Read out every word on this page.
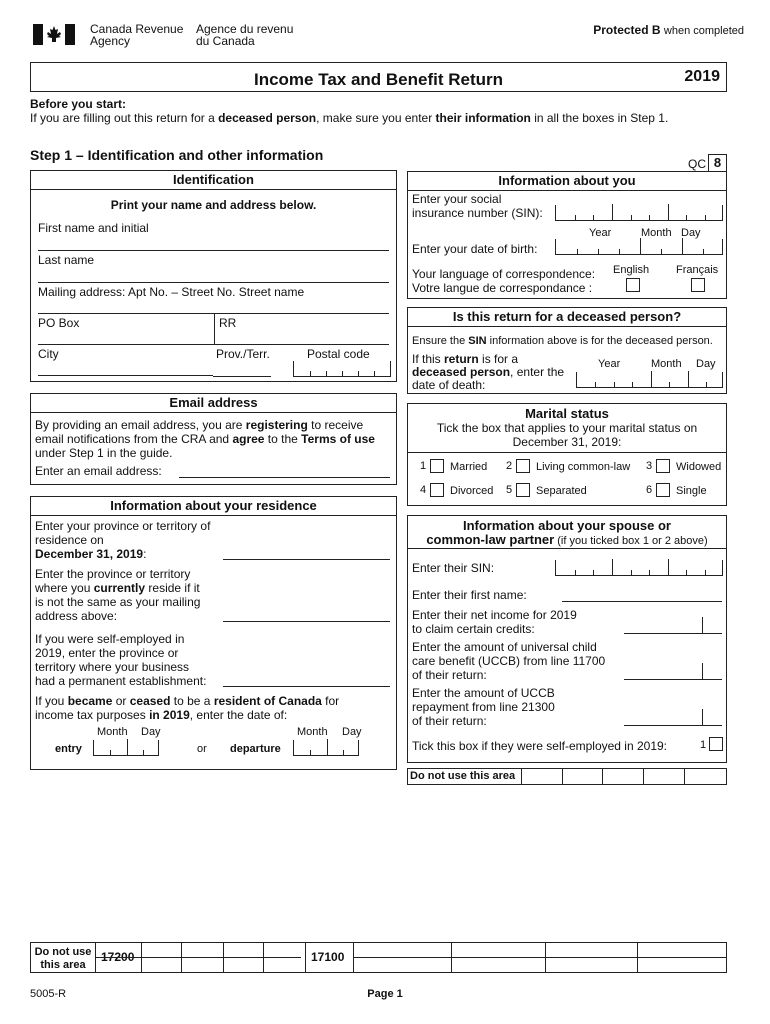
Canada Revenue
Agency
Agence du revenu
du Canada
Protected B when completed
Income Tax and Benefit Return	2019
Before you start:
If you are filling out this return for a deceased person, make sure you enter their information in all the boxes in Step 1.
Step 1 – Identification and other information
QC 8
Identification
Print your name and address below.
First name and initial
Last name
Mailing address: Apt No. – Street No. Street name
PO Box	RR
City	Prov./Terr.	Postal code
Email address
By providing an email address, you are registering to receive
email notifications from the CRA and agree to the Terms of use
under Step 1 in the guide.
Enter an email address:
Information about your residence
Enter your province or territory of
residence on
December 31, 2019:
Enter the province or territory
where you currently reside if it
is not the same as your mailing
address above:
If you were self-employed in
2019, enter the province or
territory where your business
had a permanent establishment:
If you became or ceased to be a resident of Canada for
income tax purposes in 2019, enter the date of:
Month Day	Month Day
entry	or departure
Information about you
Enter your social
insurance number (SIN):
Year	Month Day
Enter your date of birth:
English Français
Your language of correspondence:
Votre langue de correspondance :
Is this return for a deceased person?
Ensure the SIN information above is for the deceased person.
If this return is for a
deceased person, enter the
date of death:
Year	Month Day
Marital status
Tick the box that applies to your marital status on
December 31, 2019:
1 Married 2 Living common-law 3 Widowed
4 Divorced 5 Separated	6 Single
Information about your spouse or
common-law partner (if you ticked box 1 or 2 above)
Enter their SIN:
Enter their first name:
Enter their net income for 2019
to claim certain credits:
Enter the amount of universal child
care benefit (UCCB) from line 11700
of their return:
Enter the amount of UCCB
repayment from line 21300
of their return:
Tick this box if they were self-employed in 2019:	1
Do not use this area
Do not use
this area
17200	17100
5005-R	Page 1
